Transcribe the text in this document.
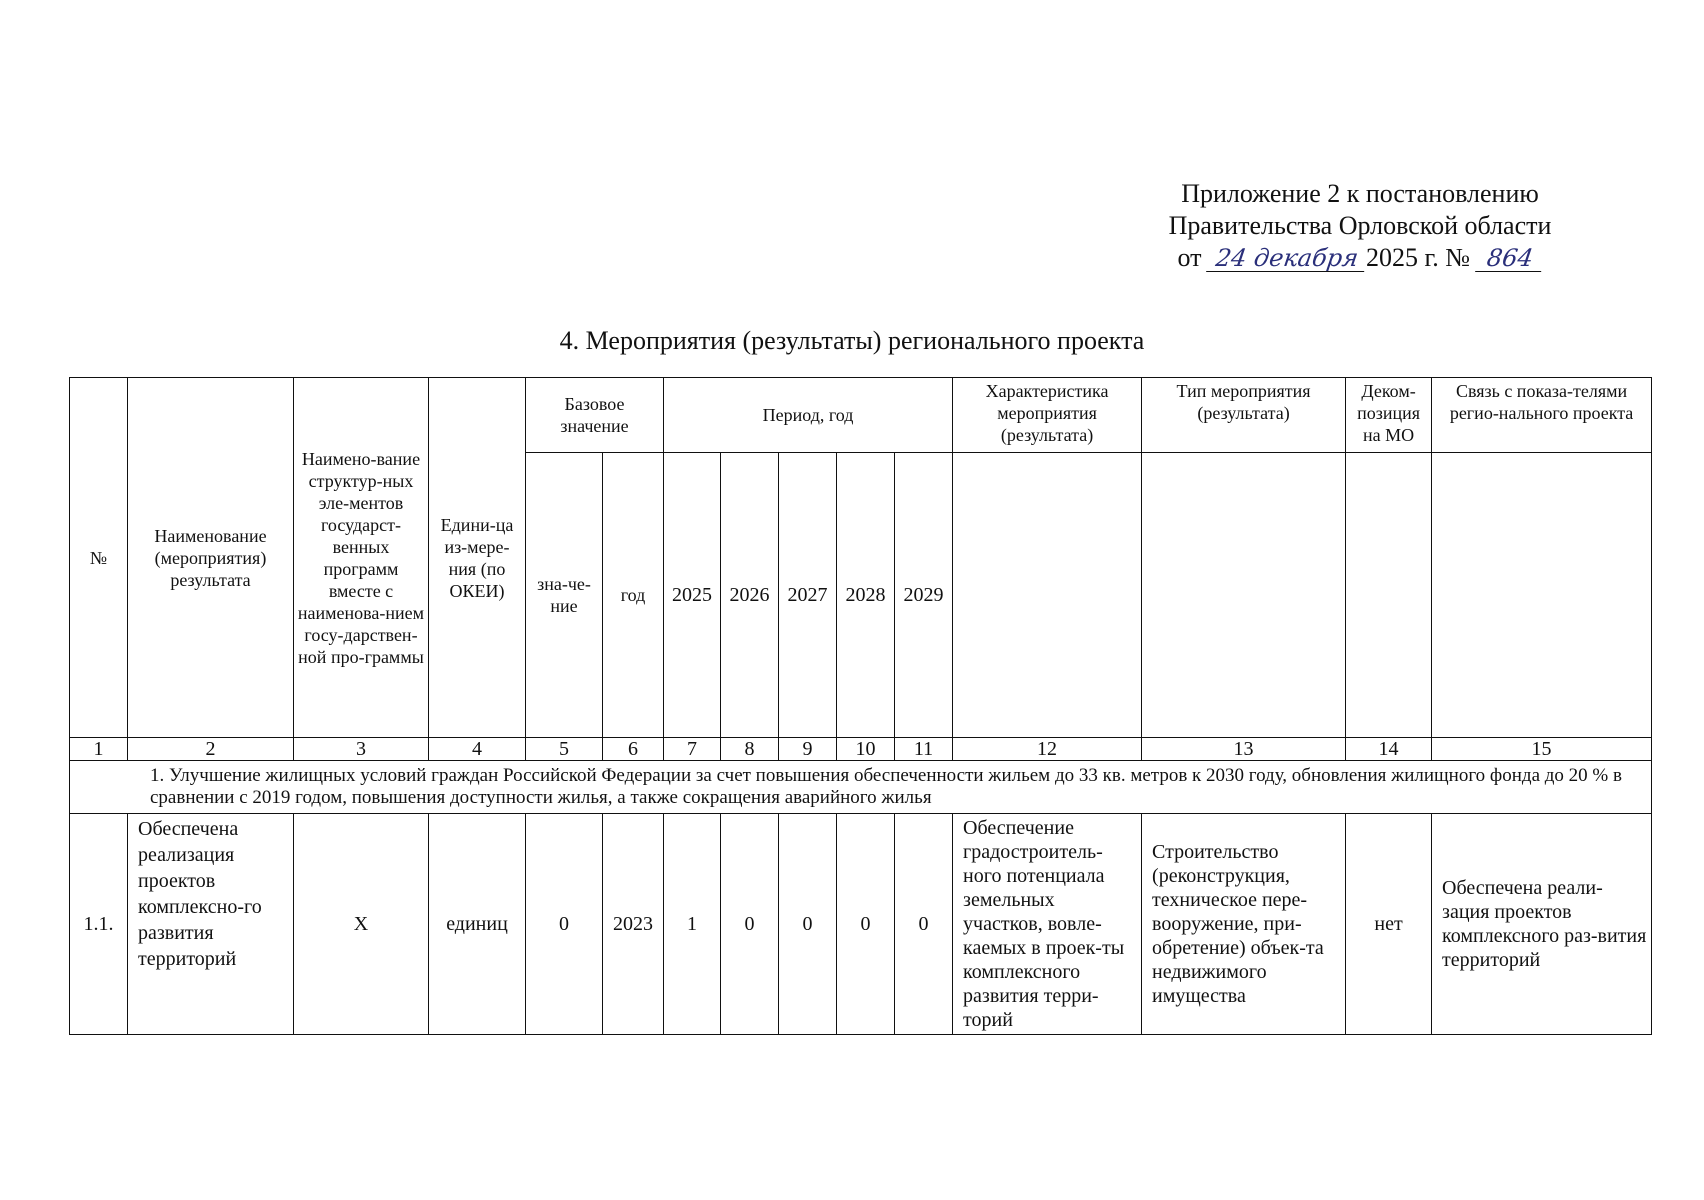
Приложение 2 к постановлению
Правительства Орловской области
от 24 декабря 2025 г. № 864
4. Мероприятия (результаты) регионального проекта
№	Наименование (мероприятия) результата	Наимено-вание структур-ных эле-ментов государст-венных программ вместе с наименова-нием госу-дарствен-ной про-граммы	Едини-ца из-мере-ния (по ОКЕИ)	Базовое значение		Период, год					Характеристика мероприятия (результата)	Тип мероприятия (результата)	Деком-позиция на МО	Связь с показа-телями регио-нального проекта
				зна-че-ние	год	2025	2026	2027	2028	2029				
1	2	3	4	5	6	7	8	9	10	11	12	13	14	15
1. Улучшение жилищных условий граждан Российской Федерации за счет повышения обеспеченности жильем до 33 кв. метров к 2030 году, обновления жилищного фонда до 20 % в сравнении с 2019 годом, повышения доступности жилья, а также сокращения аварийного жилья														
1.1.	Обеспечена реализация проектов комплексно-го развития территорий	Х	единиц	0	2023	1	0	0	0	0	Обеспечение градостроитель-ного потенциала земельных участков, вовле-каемых в проек-ты комплексного развития терри-торий	Строительство (реконструкция, техническое пере-вооружение, при-обретение) объек-та недвижимого имущества	нет	Обеспечена реали-зация проектов комплексного раз-вития территорий
